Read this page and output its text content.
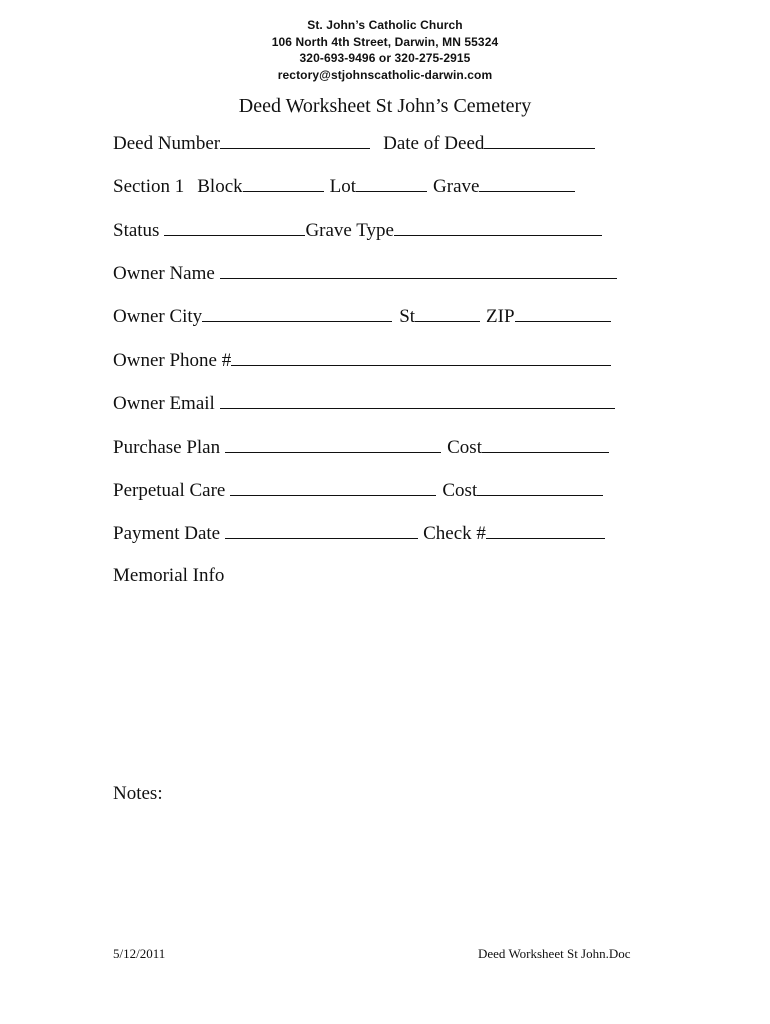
St. John’s Catholic Church
106 North 4th Street, Darwin, MN 55324
320-693-9496 or 320-275-2915
rectory@stjohnscatholic-darwin.com
Deed Worksheet St John’s Cemetery
Deed Number	Date of Deed
Section 1 Block	Lot	Grave
Status	Grave Type
Owner Name
Owner City	St	ZIP
Owner Phone #
Owner Email
Purchase Plan	Cost
Perpetual Care	Cost
Payment Date	Check #
Memorial Info
Notes:
5/12/2011	Deed Worksheet St John.Doc
